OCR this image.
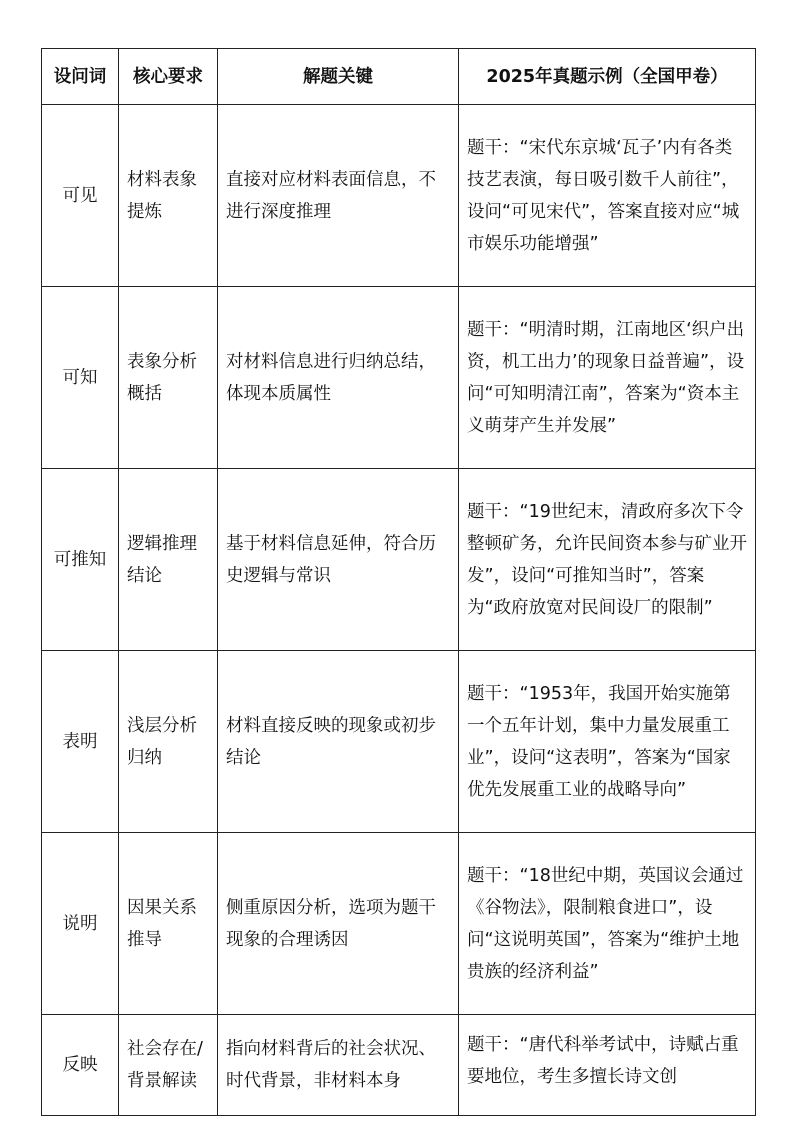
设问词	核心要求	解题关键	2025年真题示例（全国甲卷）
可见	材料表象提炼	直接对应材料表面信息，不进行深度推理	题干：“宋代东京城‘瓦子’内有各类技艺表演，每日吸引数千人前往”，设问“可见宋代”，答案直接对应“城市娱乐功能增强”
可知	表象分析概括	对材料信息进行归纳总结，体现本质属性	题干：“明清时期，江南地区‘织户出资，机工出力’的现象日益普遍”，设问“可知明清江南”，答案为“资本主义萌芽产生并发展”
可推知	逻辑推理结论	基于材料信息延伸，符合历史逻辑与常识	题干：“19世纪末，清政府多次下令整顿矿务，允许民间资本参与矿业开发”，设问“可推知当时”，答案为“政府放宽对民间设厂的限制”
表明	浅层分析归纳	材料直接反映的现象或初步结论	题干：“1953年，我国开始实施第一个五年计划，集中力量发展重工业”，设问“这表明”，答案为“国家优先发展重工业的战略导向”
说明	因果关系推导	侧重原因分析，选项为题干现象的合理诱因	题干：“18世纪中期，英国议会通过《谷物法》，限制粮食进口”，设问“这说明英国”，答案为“维护土地贵族的经济利益”
反映	社会存在/背景解读	指向材料背后的社会状况、时代背景，非材料本身	题干：“唐代科举考试中，诗赋占重要地位，考生多擅长诗文创
